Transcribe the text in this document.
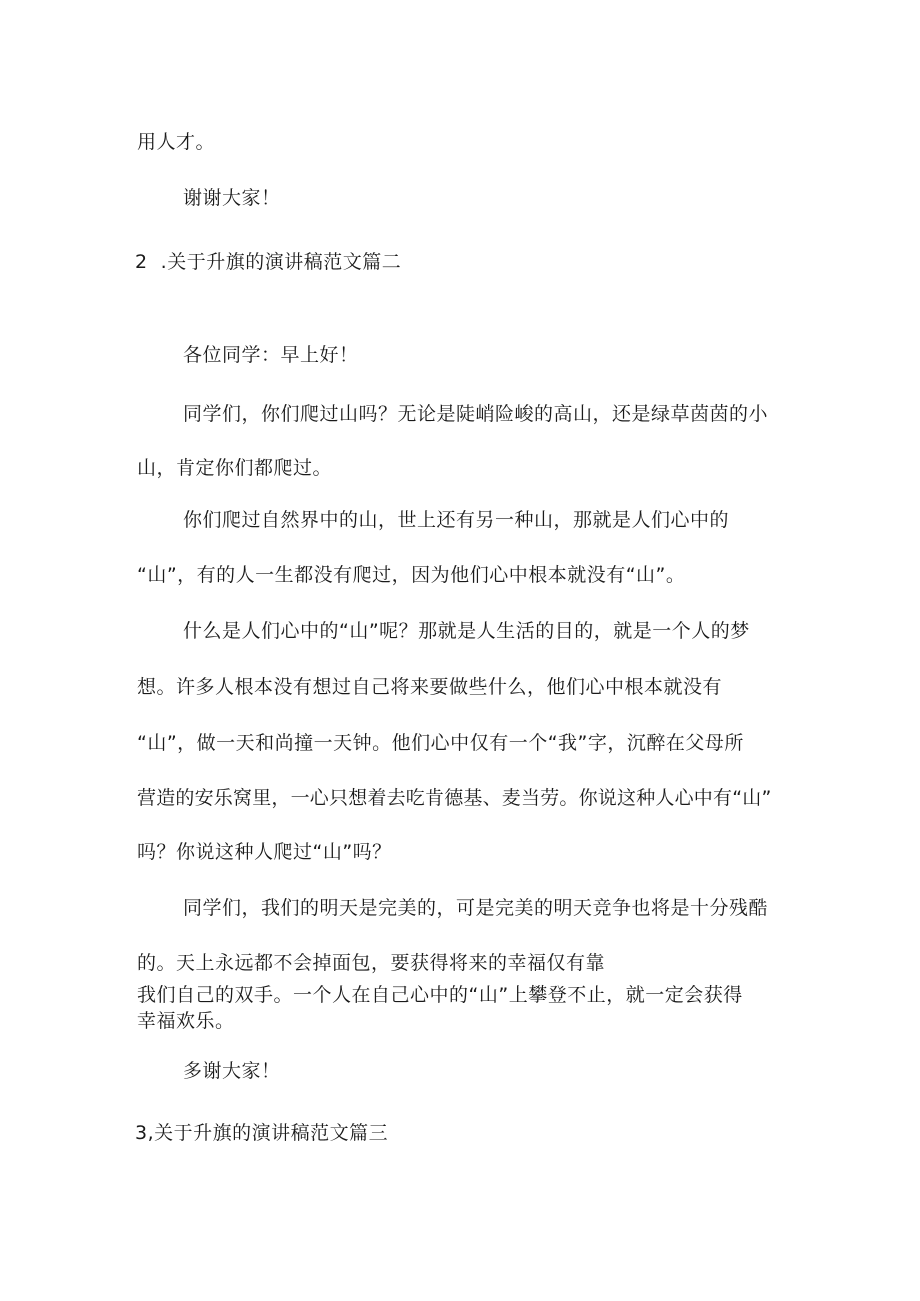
用人才。

谢谢大家！

2  .关于升旗的演讲稿范文篇二

各位同学：早上好！

同学们，你们爬过山吗？无论是陡峭险峻的高山，还是绿草茵茵的小

山，肯定你们都爬过。

你们爬过自然界中的山，世上还有另一种山，那就是人们心中的

“山”，有的人一生都没有爬过，因为他们心中根本就没有“山”。

什么是人们心中的“山”呢？那就是人生活的目的，就是一个人的梦

想。许多人根本没有想过自己将来要做些什么，他们心中根本就没有

“山”，做一天和尚撞一天钟。他们心中仅有一个“我”字，沉醉在父母所

营造的安乐窝里，一心只想着去吃肯德基、麦当劳。你说这种人心中有“山”

吗？你说这种人爬过“山”吗？

同学们，我们的明天是完美的，可是完美的明天竞争也将是十分残酷

的。天上永远都不会掉面包，要获得将来的幸福仅有靠

我们自己的双手。一个人在自己心中的“山”上攀登不止，就一定会获得

幸福欢乐。

多谢大家！

3,关于升旗的演讲稿范文篇三
